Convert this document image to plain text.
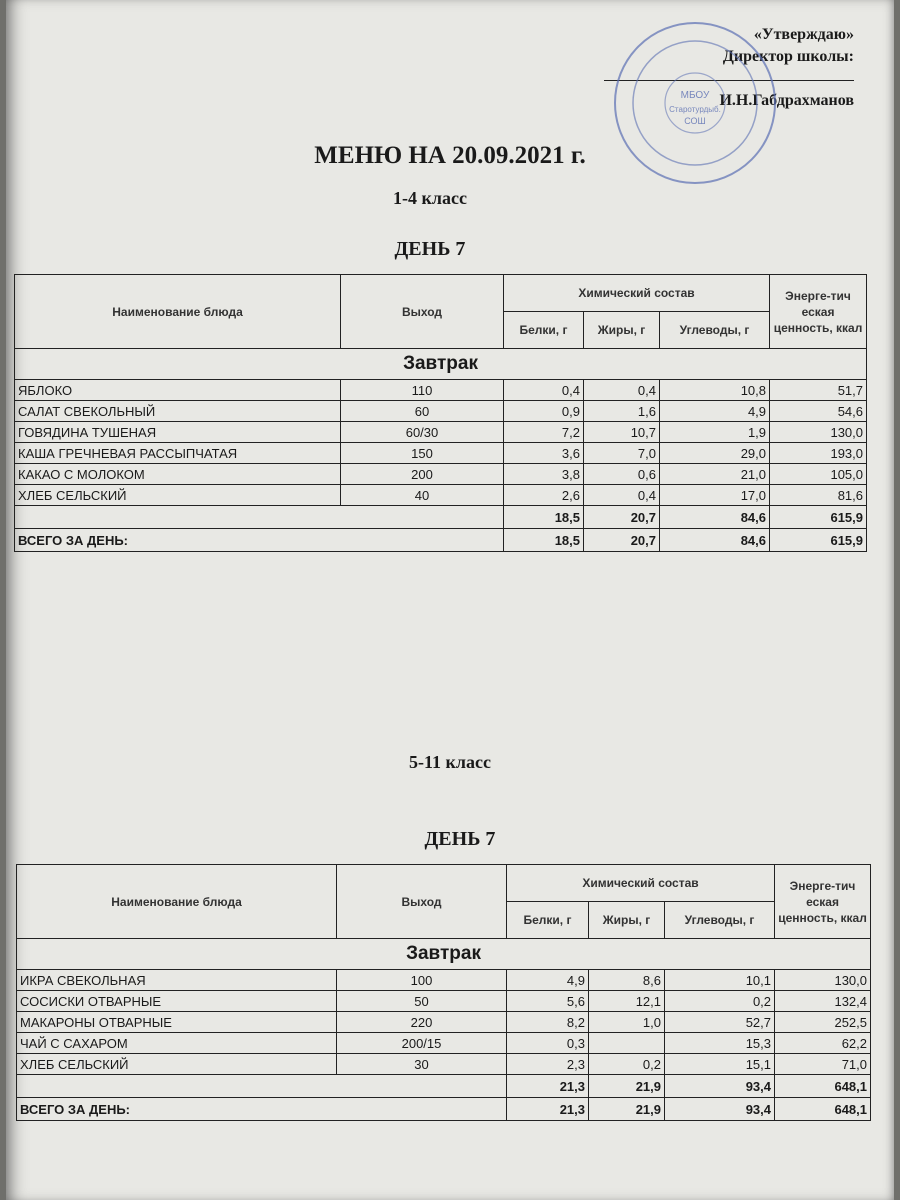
«Утверждаю»
Директор школы:
И.Н.Габдрахманов
МБОУ
Старотурдыб.
СОШ
МЕНЮ НА 20.09.2021 г.
1-4 класс
ДЕНЬ 7
Наименование блюда	Выход	Химический состав			Энерге-тич еская ценность, ккал
		Белки, г	Жиры, г	Углеводы, г	
Завтрак					
ЯБЛОКО	110	0,4	0,4	10,8	51,7
САЛАТ СВЕКОЛЬНЫЙ	60	0,9	1,6	4,9	54,6
ГОВЯДИНА ТУШЕНАЯ	60/30	7,2	10,7	1,9	130,0
КАША ГРЕЧНЕВАЯ РАССЫПЧАТАЯ	150	3,6	7,0	29,0	193,0
КАКАО С МОЛОКОМ	200	3,8	0,6	21,0	105,0
ХЛЕБ СЕЛЬСКИЙ	40	2,6	0,4	17,0	81,6
		18,5	20,7	84,6	615,9
ВСЕГО ЗА ДЕНЬ:		18,5	20,7	84,6	615,9
5-11 класс
ДЕНЬ 7
Наименование блюда	Выход	Химический состав			Энерге-тич еская ценность, ккал
		Белки, г	Жиры, г	Углеводы, г	
Завтрак					
ИКРА СВЕКОЛЬНАЯ	100	4,9	8,6	10,1	130,0
СОСИСКИ ОТВАРНЫЕ	50	5,6	12,1	0,2	132,4
МАКАРОНЫ ОТВАРНЫЕ	220	8,2	1,0	52,7	252,5
ЧАЙ С САХАРОМ	200/15	0,3		15,3	62,2
ХЛЕБ СЕЛЬСКИЙ	30	2,3	0,2	15,1	71,0
		21,3	21,9	93,4	648,1
ВСЕГО ЗА ДЕНЬ:		21,3	21,9	93,4	648,1
